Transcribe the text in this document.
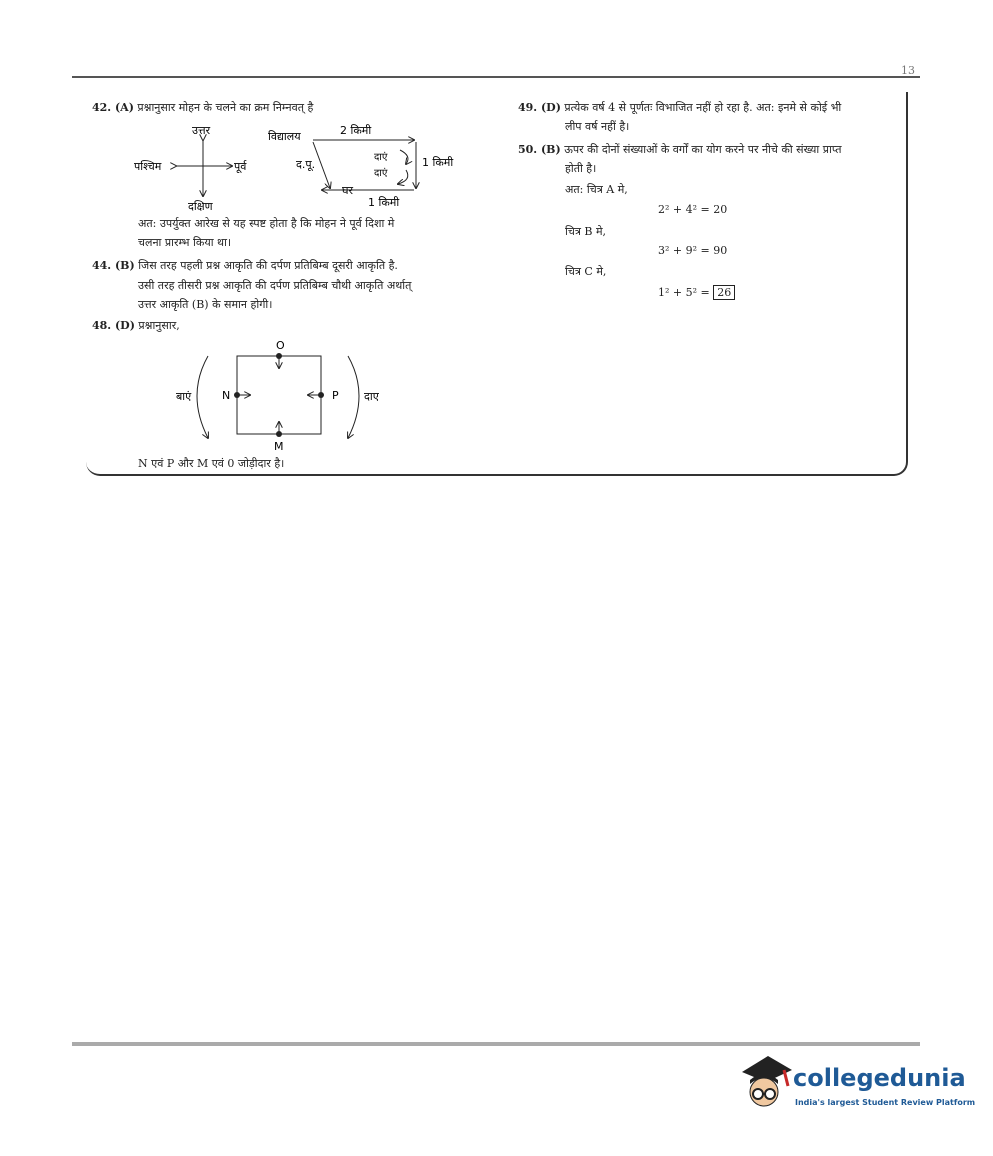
13
42. (A) प्रश्नानुसार मोहन के चलने का क्रम निम्नवत् है
उत्तर
दक्षिण
पश्चिम	पूर्व
विद्यालय	2 किमी
1 किमी
1 किमी
घर
द.पू.
दाएं
दाएं
अत: उपर्युक्त आरेख से यह स्पष्ट होता है कि मोहन ने पूर्व दिशा मे
चलना प्रारम्भ किया था।
44. (B) जिस तरह पहली प्रश्न आकृति की दर्पण प्रतिबिम्ब दूसरी आकृति है.
उसी तरह तीसरी प्रश्न आकृति की दर्पण प्रतिबिम्ब चौथी आकृति अर्थात्
उत्तर आकृति (B) के समान होगी।
48. (D) प्रश्नानुसार,
O
M
N	P
बाएं	दाए
N एवं P और M एवं 0 जोड़ीदार है।
49. (D) प्रत्येक वर्ष 4 से पूर्णतः विभाजित नहीं हो रहा है. अत: इनमे से कोई भी
लीप वर्ष नहीं है।
50. (B) ऊपर की दोनों संख्याओं के वर्गों का योग करने पर नीचे की संख्या प्राप्त
होती है।
अत: चित्र A मे,
2² + 4² = 20
चित्र B मे,
3² + 9² = 90
चित्र C मे,
1² + 5² = 26
collegedunia
India's largest Student Review Platform
